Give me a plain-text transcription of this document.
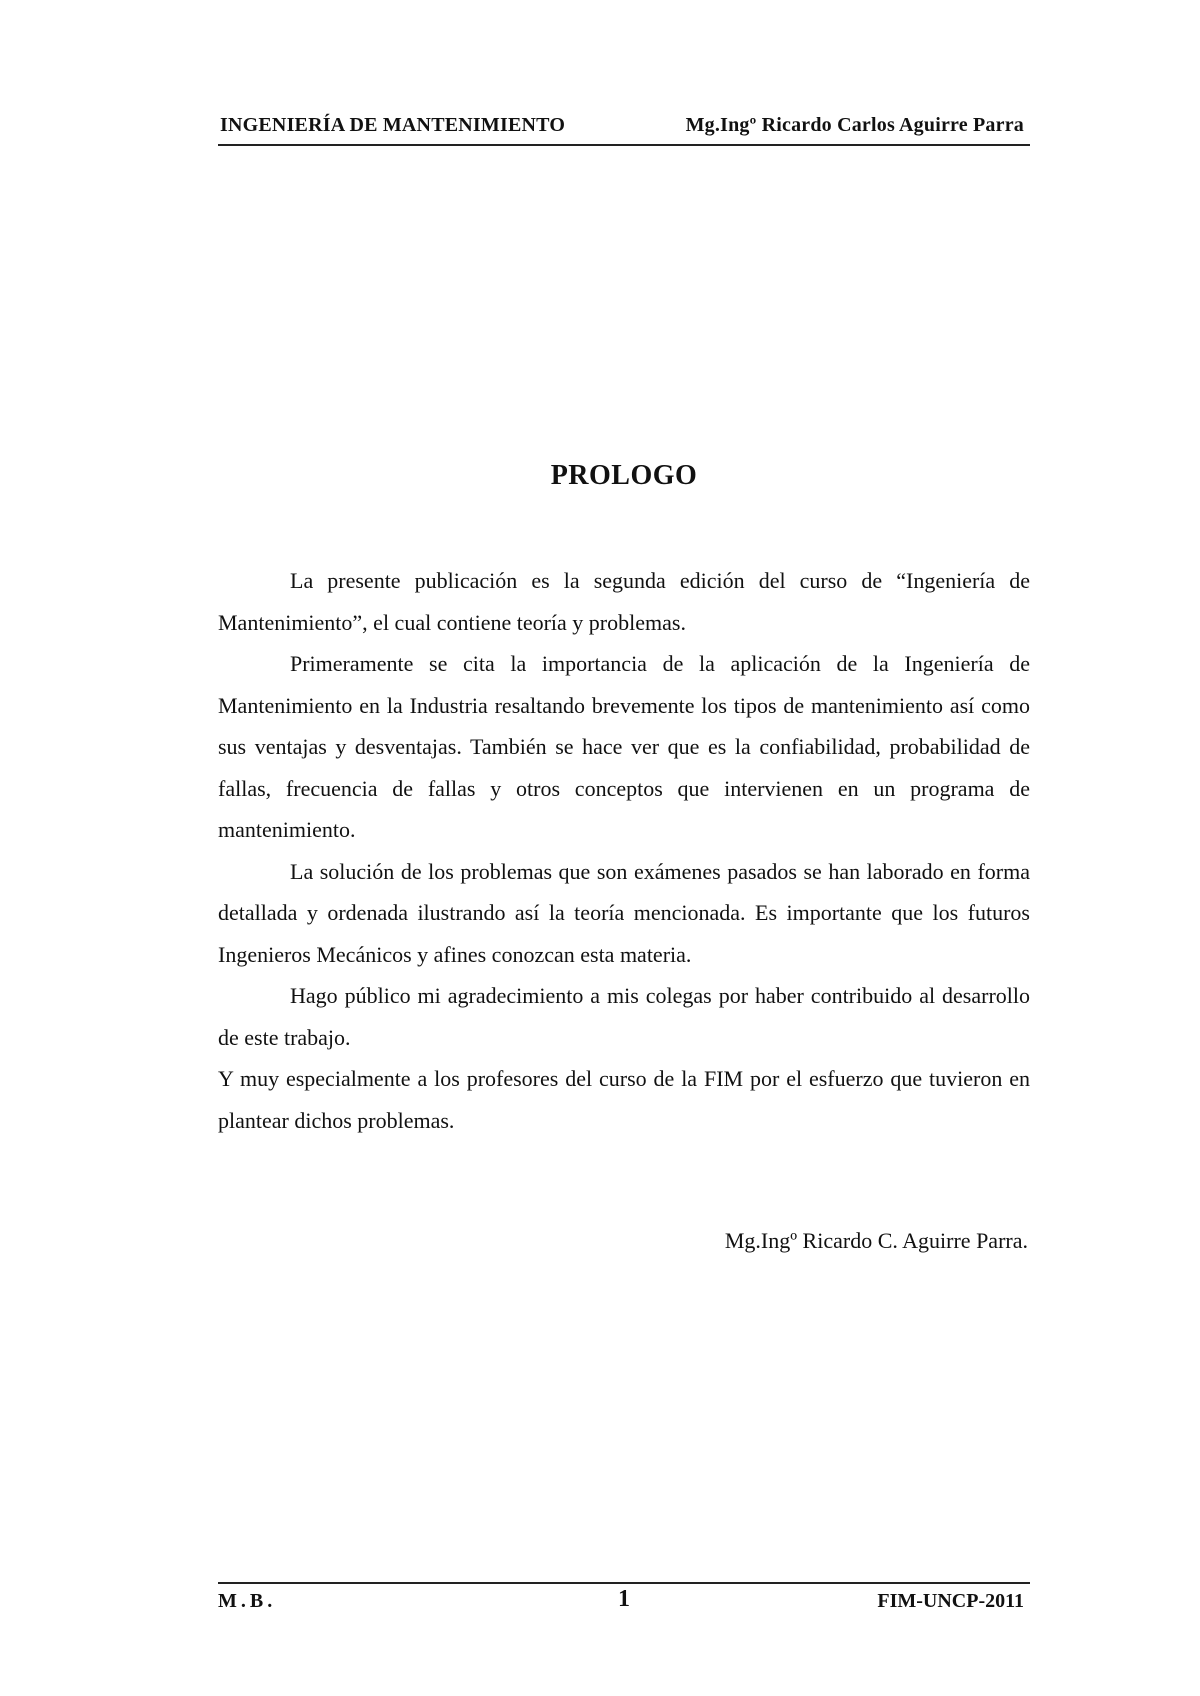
INGENIERÍA DE MANTENIMIENTO	Mg.Ingº Ricardo Carlos Aguirre Parra
PROLOGO

La presente publicación es la segunda edición del curso de “Ingeniería de Mantenimiento”, el cual contiene teoría y problemas.

Primeramente se cita la importancia de la aplicación de la Ingeniería de Mantenimiento en la Industria resaltando brevemente los tipos de mantenimiento así como sus ventajas y desventajas. También se hace ver que es la confiabilidad, probabilidad de fallas, frecuencia de fallas y otros conceptos que intervienen en un programa de mantenimiento.

La solución de los problemas que son exámenes pasados se han laborado en forma detallada y ordenada ilustrando así la teoría mencionada. Es importante que los futuros Ingenieros Mecánicos y afines conozcan esta materia.

Hago público mi agradecimiento a mis colegas por haber contribuido al desarrollo de este trabajo.

Y muy especialmente a los profesores del curso de la FIM por el esfuerzo que tuvieron en plantear dichos problemas.

Mg.Ingº Ricardo C. Aguirre Parra.
M.B.	1	FIM-UNCP-2011
